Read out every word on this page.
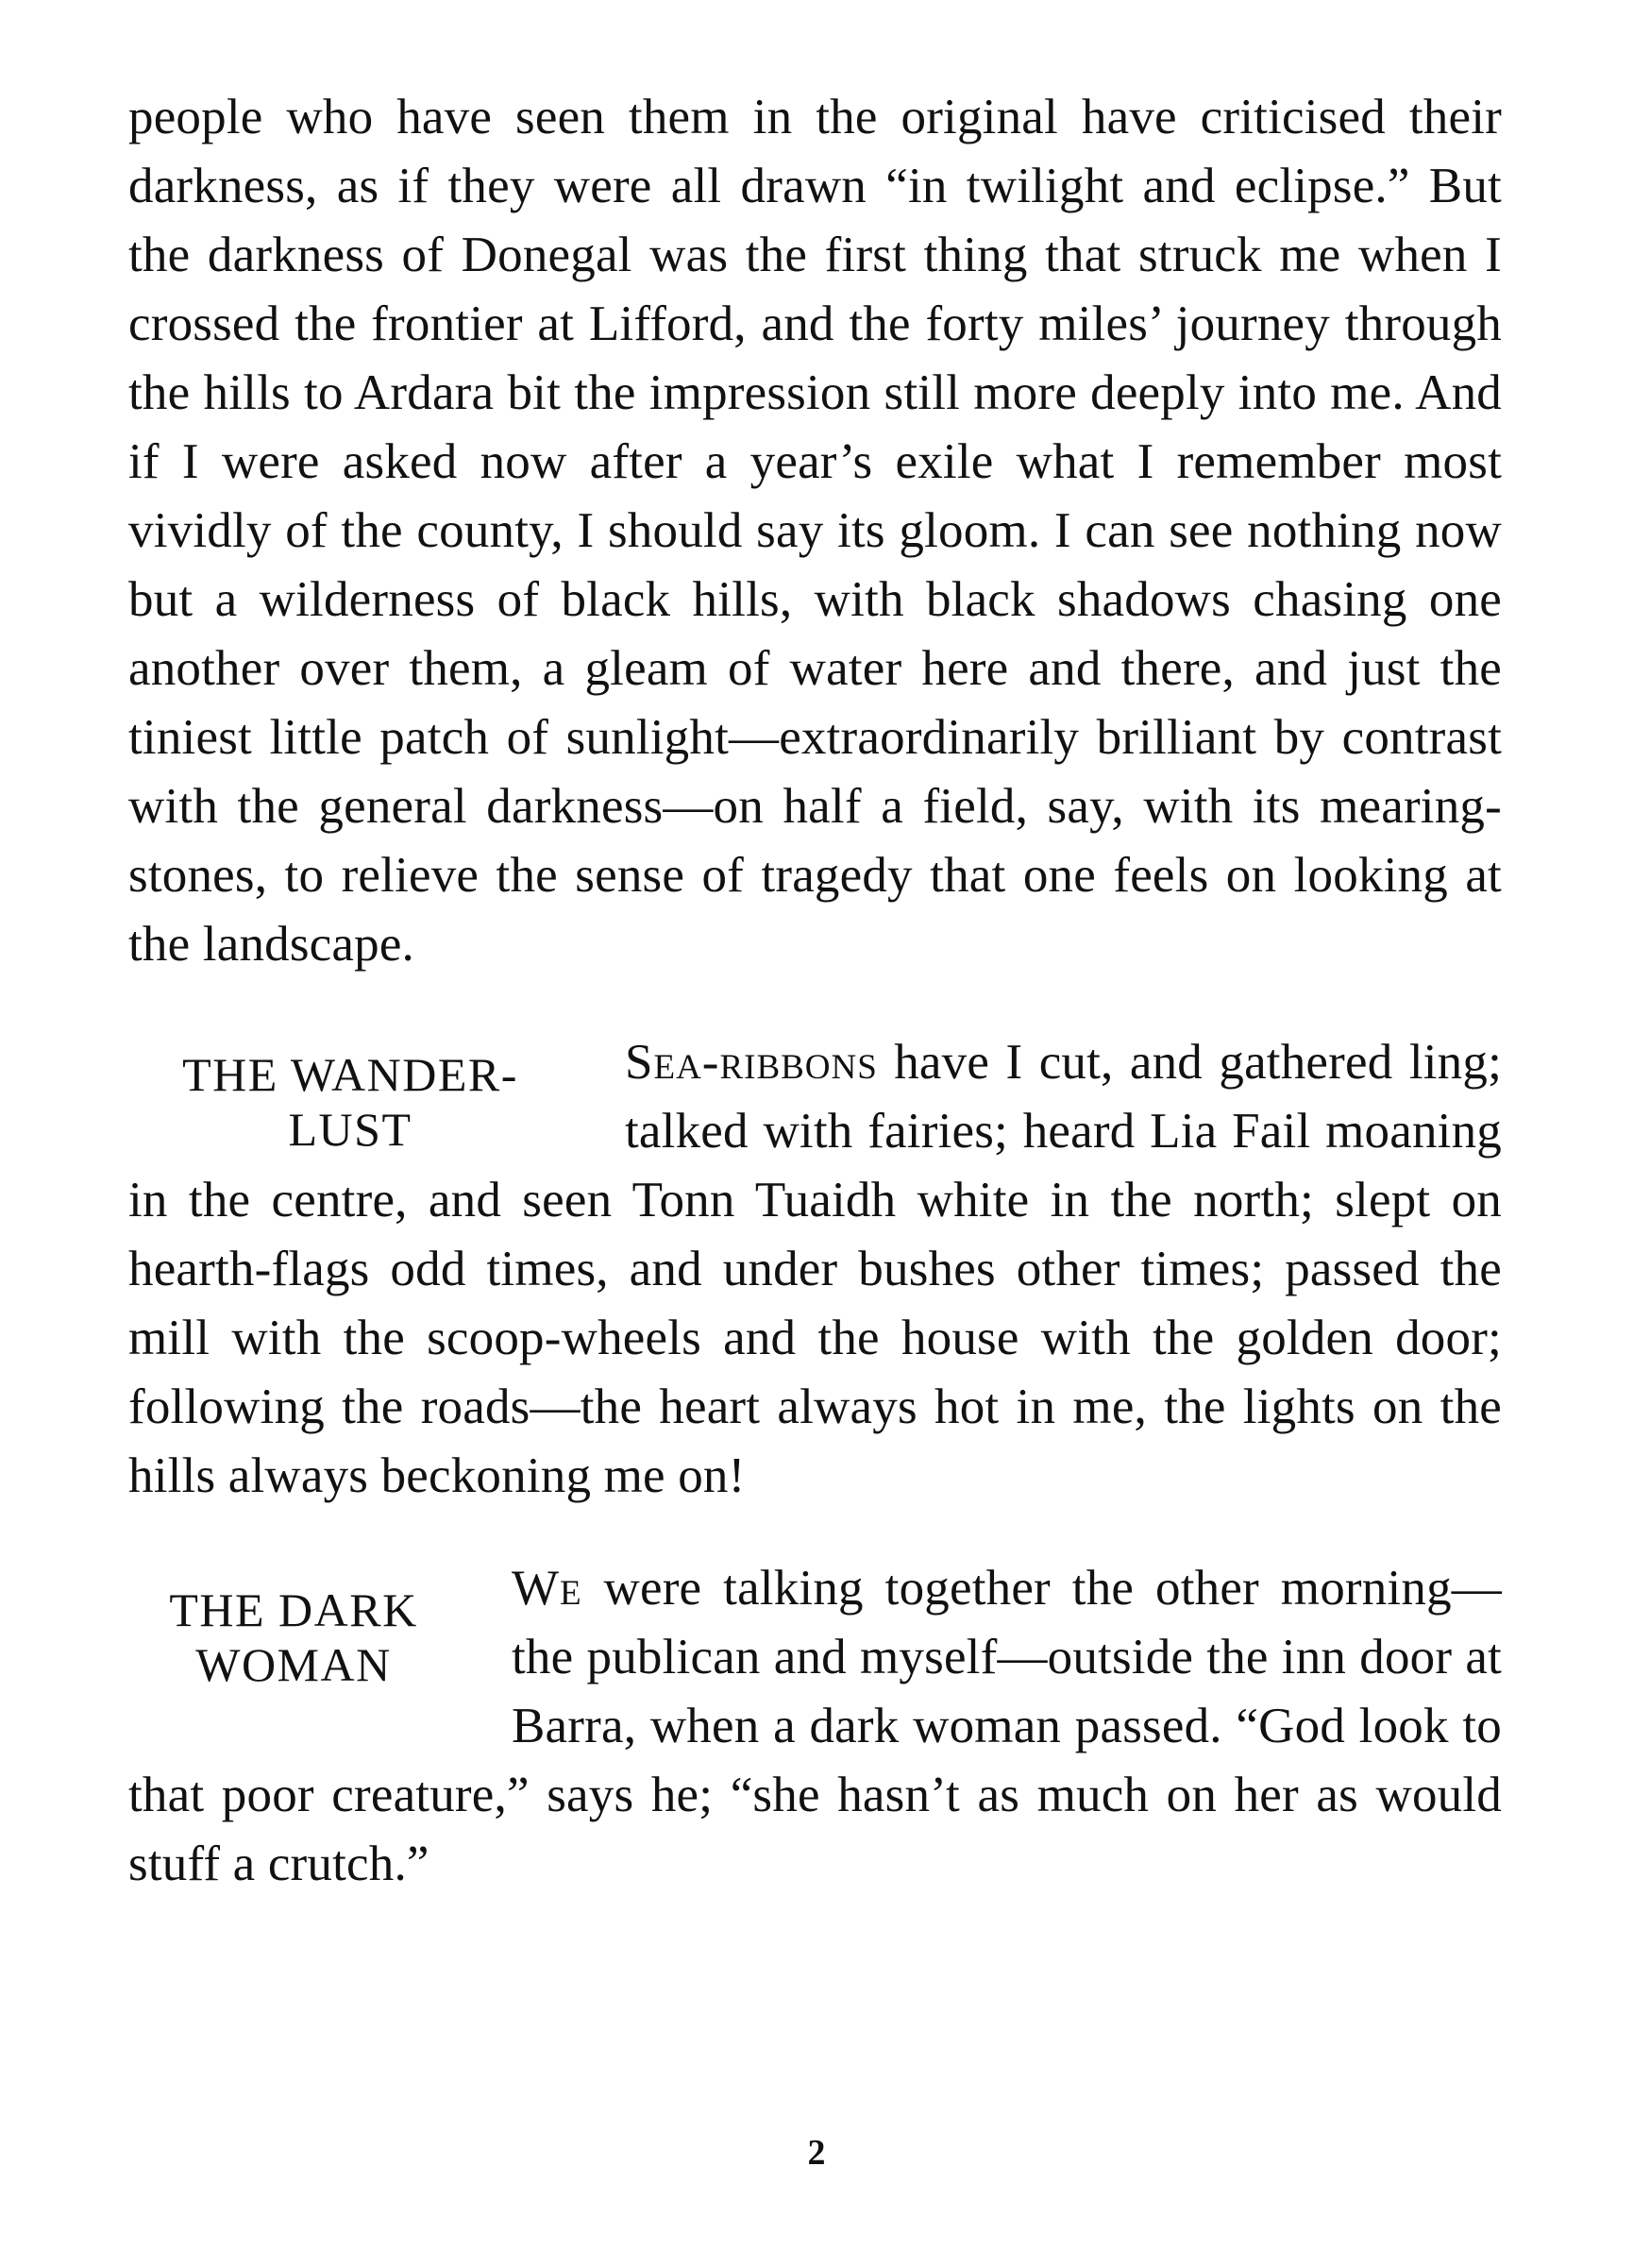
people who have seen them in the original have criticised their darkness, as if they were all drawn “in twilight and eclipse.” But the darkness of Donegal was the first thing that struck me when I crossed the frontier at Lifford, and the forty miles’ journey through the hills to Ardara bit the impression still more deeply into me. And if I were asked now after a year’s exile what I remember most vividly of the county, I should say its gloom. I can see nothing now but a wilderness of black hills, with black shadows chasing one another over them, a gleam of water here and there, and just the tiniest little patch of sunlight—extraordinarily brilliant by contrast with the general darkness—on half a field, say, with its mearing-stones, to relieve the sense of tragedy that one feels on looking at the landscape.

THE WANDER-
LUST

Sea-ribbons have I cut, and gathered ling; talked with fairies; heard Lia Fail moaning in the centre, and seen Tonn Tuaidh white in the north; slept on hearth-flags odd times, and under bushes other times; passed the mill with the scoop-wheels and the house with the golden door; following the roads—the heart always hot in me, the lights on the hills always beckoning me on!

THE DARK
WOMAN

We were talking together the other morning—the publican and myself—outside the inn door at Barra, when a dark woman passed. “God look to that poor creature,” says he; “she hasn’t as much on her as would stuff a crutch.”

2
